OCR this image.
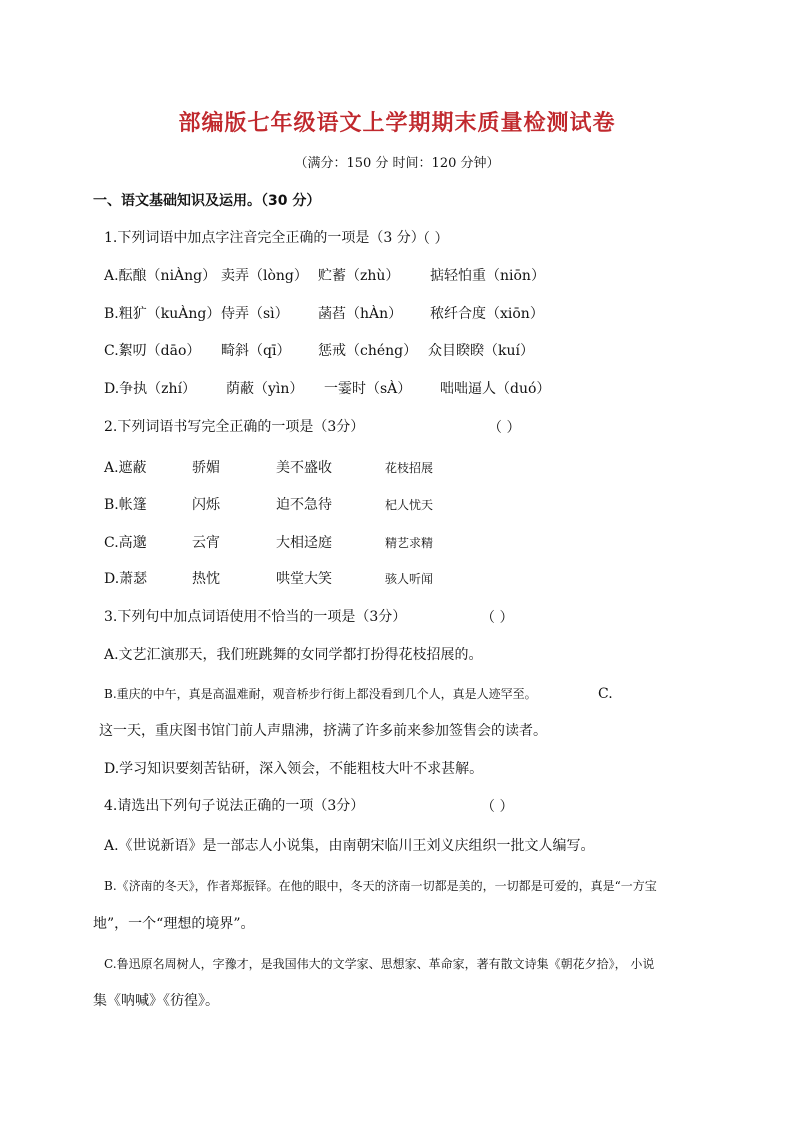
部编版七年级语文上学期期末质量检测试卷
（满分：150 分 时间：120 分钟）
一、语文基础知识及运用。（30 分）
1.下列词语中加点字注音完全正确的一项是（3 分）
（ ）
A.酝酿（niÀng） 卖弄（lòng） 贮蓄（zhù） 掂轻怕重（niōn）
B.粗犷（kuÀng） 侍弄（sì） 菡萏（hÀn） 秾纤合度（xiōn）
C.絮叨（dāo） 畸斜（qī） 惩戒（chéng） 众目睽睽（kuí）
D.争执（zhí） 荫蔽（yìn） 一霎时（sÀ） 咄咄逼人（duó）
2.下列词语书写完全正确的一项是（3分）	（ ）
A.遮蔽	骄媚	美不盛收	花枝招展
B.帐篷	闪烁	迫不急待	杞人忧天
C.高邈	云宵	大相迳庭	精艺求精
D.萧瑟	热忱	哄堂大笑	骇人听闻
3.下列句中加点词语使用不恰当的一项是（3分）	（ ）
A.文艺汇演那天，我们班跳舞的女同学都打扮得花枝招展的。
B.重庆的中午，真是高温难耐，观音桥步行街上都没看到几个人，真是人迹罕至。	C.
这一天，重庆图书馆门前人声鼎沸，挤满了许多前来参加签售会的读者。
D.学习知识要刻苦钻研，深入领会，不能粗枝大叶不求甚解。
4.请选出下列句子说法正确的一项（3分）	（ ）
A.《世说新语》是一部志人小说集，由南朝宋临川王刘义庆组织一批文人编写。
B.《济南的冬天》，作者郑振铎。在他的眼中，冬天的济南一切都是美的，一切都是可爱的，真是“一方宝
地”，一个“理想的境界”。
C.鲁迅原名周树人，字豫才，是我国伟大的文学家、思想家、革命家，著有散文诗集《朝花夕拾》， 小说
集《呐喊》《彷徨》。
